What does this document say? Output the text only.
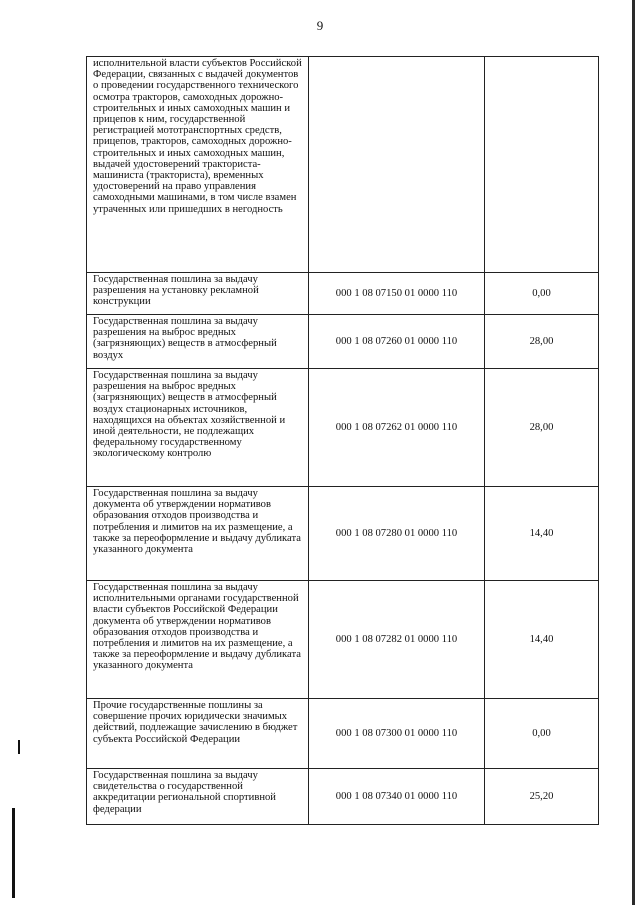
9
исполнительной власти субъектов Российской Федерации, связанных с выдачей документов о проведении государственного технического осмотра тракторов, самоходных дорожно-строительных и иных самоходных машин и прицепов к ним, государственной регистрацией мототранспортных средств, прицепов, тракторов, самоходных дорожно-строительных и иных самоходных машин, выдачей удостоверений тракториста-машиниста (тракториста), временных удостоверений на право управления самоходными машинами, в том числе взамен утраченных или пришедших в негодность		
Государственная пошлина за выдачу разрешения на установку рекламной конструкции	000 1 08 07150 01 0000 110	0,00
Государственная пошлина за выдачу разрешения на выброс вредных (загрязняющих) веществ в атмосферный воздух	000 1 08 07260 01 0000 110	28,00
Государственная пошлина за выдачу разрешения на выброс вредных (загрязняющих) веществ в атмосферный воздух стационарных источников, находящихся на объектах хозяйственной и иной деятельности, не подлежащих федеральному государственному экологическому контролю	000 1 08 07262 01 0000 110	28,00
Государственная пошлина за выдачу документа об утверждении нормативов образования отходов производства и потребления и лимитов на их размещение, а также за переоформление и выдачу дубликата указанного документа	000 1 08 07280 01 0000 110	14,40
Государственная пошлина за выдачу исполнительными органами государственной власти субъектов Российской Федерации документа об утверждении нормативов образования отходов производства и потребления и лимитов на их размещение, а также за переоформление и выдачу дубликата указанного документа	000 1 08 07282 01 0000 110	14,40
Прочие государственные пошлины за совершение прочих юридически значимых действий, подлежащие зачислению в бюджет субъекта Российской Федерации	000 1 08 07300 01 0000 110	0,00
Государственная пошлина за выдачу свидетельства о государственной аккредитации региональной спортивной федерации	000 1 08 07340 01 0000 110	25,20
